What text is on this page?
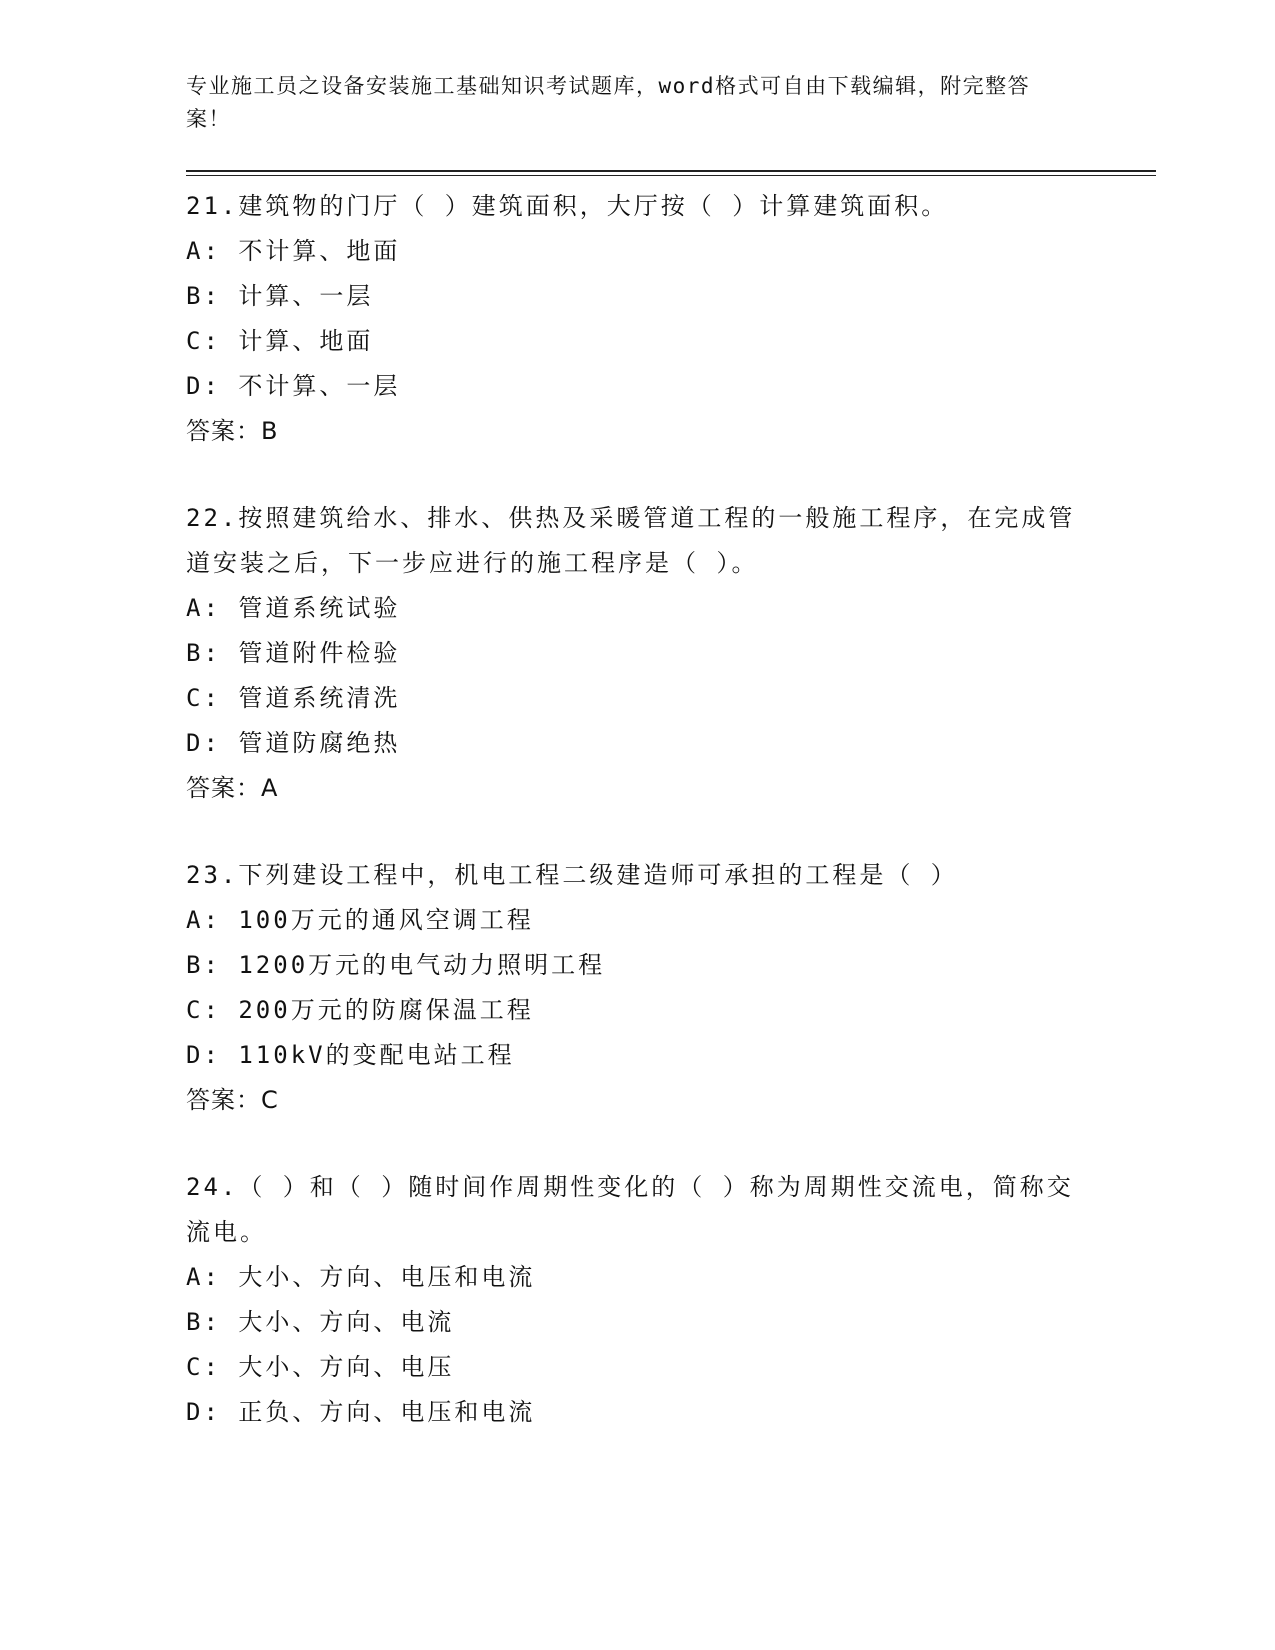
专业施工员之设备安装施工基础知识考试题库，word格式可自由下载编辑，附完整答案！

21.建筑物的门厅（ ）建筑面积，大厅按（ ）计算建筑面积。

A: 不计算、地面

B: 计算、一层

C: 计算、地面

D: 不计算、一层

答案：B

22.按照建筑给水、排水、供热及采暖管道工程的一般施工程序，在完成管道安装之后，下一步应进行的施工程序是（ ）。

A: 管道系统试验

B: 管道附件检验

C: 管道系统清洗

D: 管道防腐绝热

答案：A

23.下列建设工程中，机电工程二级建造师可承担的工程是（ ）

A: 100万元的通风空调工程

B: 1200万元的电气动力照明工程

C: 200万元的防腐保温工程

D: 110kV的变配电站工程

答案：C

24.（ ）和（ ）随时间作周期性变化的（ ）称为周期性交流电，简称交流电。

A: 大小、方向、电压和电流

B: 大小、方向、电流

C: 大小、方向、电压

D: 正负、方向、电压和电流
